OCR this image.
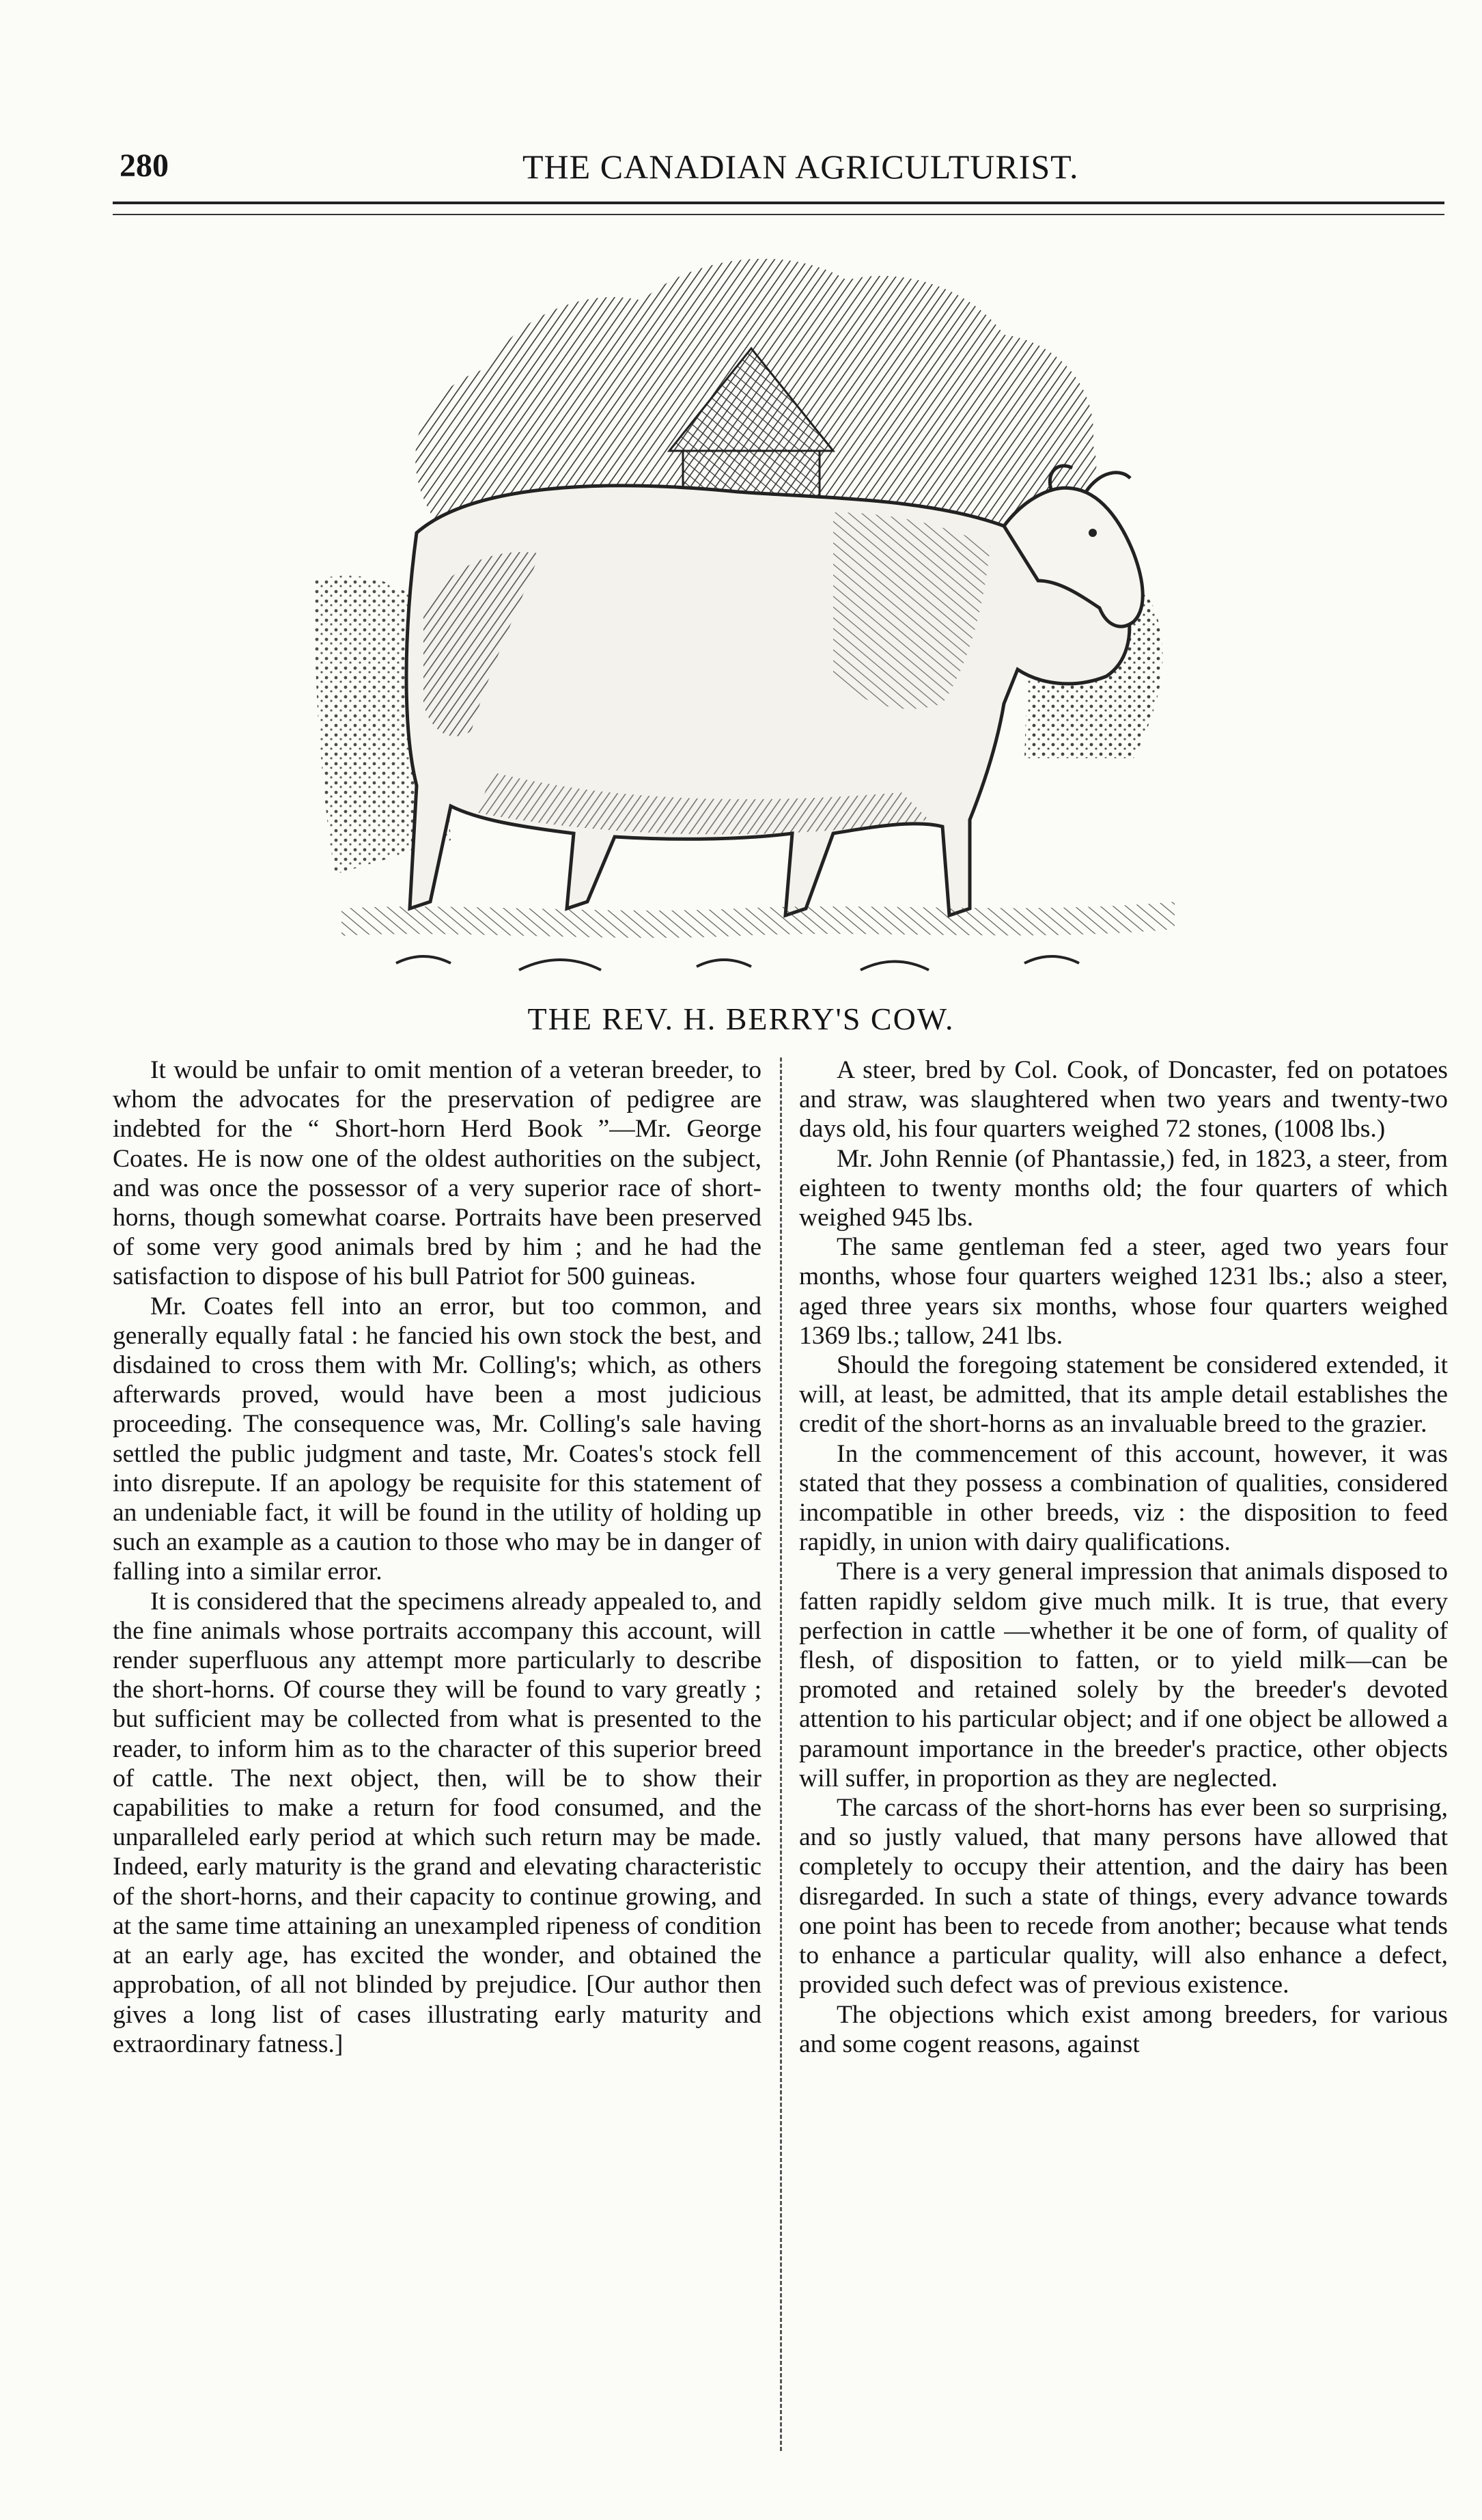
280	THE CANADIAN AGRICULTURIST.
THE REV. H. BERRY'S COW.

It would be unfair to omit mention of a veteran breeder, to whom the advocates for the preservation of pedigree are indebted for the “ Short-horn Herd Book ”—Mr. George Coates. He is now one of the oldest authorities on the subject, and was once the possessor of a very superior race of short-horns, though somewhat coarse. Portraits have been preserved of some very good animals bred by him ; and he had the satisfaction to dispose of his bull Patriot for 500 guineas.

Mr. Coates fell into an error, but too common, and generally equally fatal : he fancied his own stock the best, and disdained to cross them with Mr. Colling's; which, as others afterwards proved, would have been a most judicious proceeding. The consequence was, Mr. Colling's sale having settled the public judgment and taste, Mr. Coates's stock fell into disrepute. If an apology be requisite for this statement of an undeniable fact, it will be found in the utility of holding up such an example as a caution to those who may be in danger of falling into a similar error.

It is considered that the specimens already appealed to, and the fine animals whose portraits accompany this account, will render superfluous any attempt more particularly to describe the short-horns. Of course they will be found to vary greatly ; but sufficient may be collected from what is presented to the reader, to inform him as to the character of this superior breed of cattle. The next object, then, will be to show their capabilities to make a return for food consumed, and the unparalleled early period at which such return may be made. Indeed, early maturity is the grand and elevating characteristic of the short-horns, and their capacity to continue growing, and at the same time attaining an unexampled ripeness of condition at an early age, has excited the wonder, and obtained the approbation, of all not blinded by prejudice. [Our author then gives a long list of cases illustrating early maturity and extraordinary fatness.]

A steer, bred by Col. Cook, of Doncaster, fed on potatoes and straw, was slaughtered when two years and twenty-two days old, his four quarters weighed 72 stones, (1008 lbs.)

Mr. John Rennie (of Phantassie,) fed, in 1823, a steer, from eighteen to twenty months old; the four quarters of which weighed 945 lbs.

The same gentleman fed a steer, aged two years four months, whose four quarters weighed 1231 lbs.; also a steer, aged three years six months, whose four quarters weighed 1369 lbs.; tallow, 241 lbs.

Should the foregoing statement be considered extended, it will, at least, be admitted, that its ample detail establishes the credit of the short-horns as an invaluable breed to the grazier.

In the commencement of this account, however, it was stated that they possess a combination of qualities, considered incompatible in other breeds, viz : the disposition to feed rapidly, in union with dairy qualifications.

There is a very general impression that animals disposed to fatten rapidly seldom give much milk. It is true, that every perfection in cattle —whether it be one of form, of quality of flesh, of disposition to fatten, or to yield milk—can be promoted and retained solely by the breeder's devoted attention to his particular object; and if one object be allowed a paramount importance in the breeder's practice, other objects will suffer, in proportion as they are neglected.

The carcass of the short-horns has ever been so surprising, and so justly valued, that many persons have allowed that completely to occupy their attention, and the dairy has been disregarded. In such a state of things, every advance towards one point has been to recede from another; because what tends to enhance a particular quality, will also enhance a defect, provided such defect was of previous existence.

The objections which exist among breeders, for various and some cogent reasons, against
